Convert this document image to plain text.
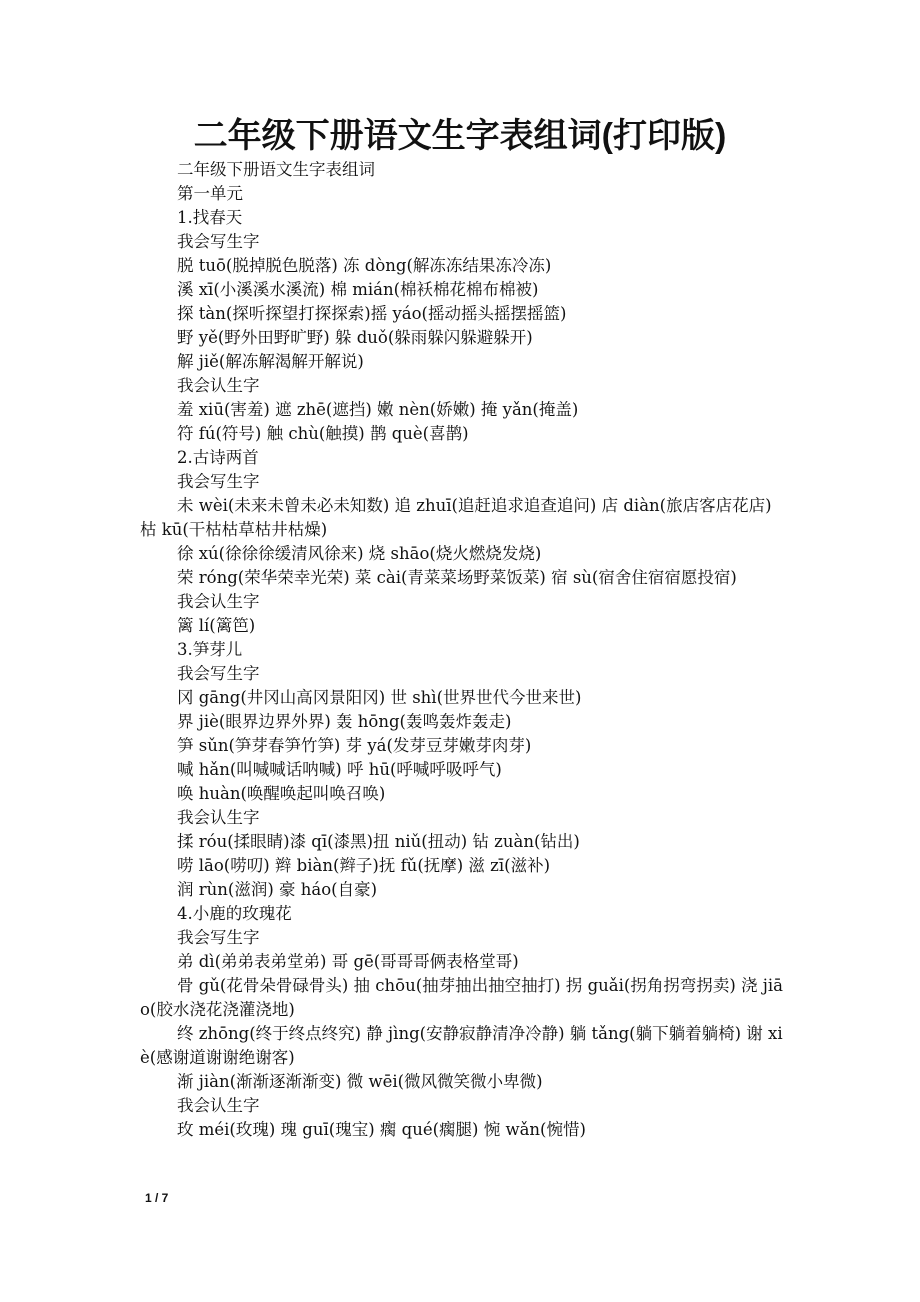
二年级下册语文生字表组词(打印版)

二年级下册语文生字表组词

第一单元

1.找春天

我会写生字

脱 tuō(脱掉脱色脱落) 冻 dòng(解冻冻结果冻冷冻)

溪 xī(小溪溪水溪流) 棉 mián(棉袄棉花棉布棉被)

探 tàn(探听探望打探探索)摇 yáo(摇动摇头摇摆摇篮)

野 yě(野外田野旷野) 躲 duǒ(躲雨躲闪躲避躲开)

解 jiě(解冻解渴解开解说)

我会认生字

羞 xiū(害羞) 遮 zhē(遮挡) 嫩 nèn(娇嫩) 掩 yǎn(掩盖)

符 fú(符号) 触 chù(触摸) 鹊 què(喜鹊)

2.古诗两首

我会写生字

未 wèi(未来未曾未必未知数) 追 zhuī(追赶追求追查追问) 店 diàn(旅店客店花店) 枯 kū(干枯枯草枯井枯燥)

徐 xú(徐徐徐缓清风徐来) 烧 shāo(烧火燃烧发烧)

荣 róng(荣华荣幸光荣) 菜 cài(青菜菜场野菜饭菜) 宿 sù(宿舍住宿宿愿投宿)

我会认生字

篱 lí(篱笆)

3.笋芽儿

我会写生字

冈 gāng(井冈山高冈景阳冈) 世 shì(世界世代今世来世)

界 jiè(眼界边界外界) 轰 hōng(轰鸣轰炸轰走)

笋 sǔn(笋芽春笋竹笋) 芽 yá(发芽豆芽嫩芽肉芽)

喊 hǎn(叫喊喊话呐喊) 呼 hū(呼喊呼吸呼气)

唤 huàn(唤醒唤起叫唤召唤)

我会认生字

揉 róu(揉眼睛)漆 qī(漆黑)扭 niǔ(扭动) 钻 zuàn(钻出)

唠 lāo(唠叨) 辫 biàn(辫子)抚 fǔ(抚摩) 滋 zī(滋补)

润 rùn(滋润) 豪 háo(自豪)

4.小鹿的玫瑰花

我会写生字

弟 dì(弟弟表弟堂弟) 哥 gē(哥哥哥俩表格堂哥)

骨 gǔ(花骨朵骨碌骨头) 抽 chōu(抽芽抽出抽空抽打) 拐 guǎi(拐角拐弯拐卖) 浇 jiāo(胶水浇花浇灌浇地)

终 zhōng(终于终点终究) 静 jìng(安静寂静清净冷静) 躺 tǎng(躺下躺着躺椅) 谢 xiè(感谢道谢谢绝谢客)

渐 jiàn(渐渐逐渐渐变) 微 wēi(微风微笑微小卑微)

我会认生字

玫 méi(玫瑰) 瑰 guī(瑰宝) 瘸 qué(瘸腿) 惋 wǎn(惋惜)

1 / 7
